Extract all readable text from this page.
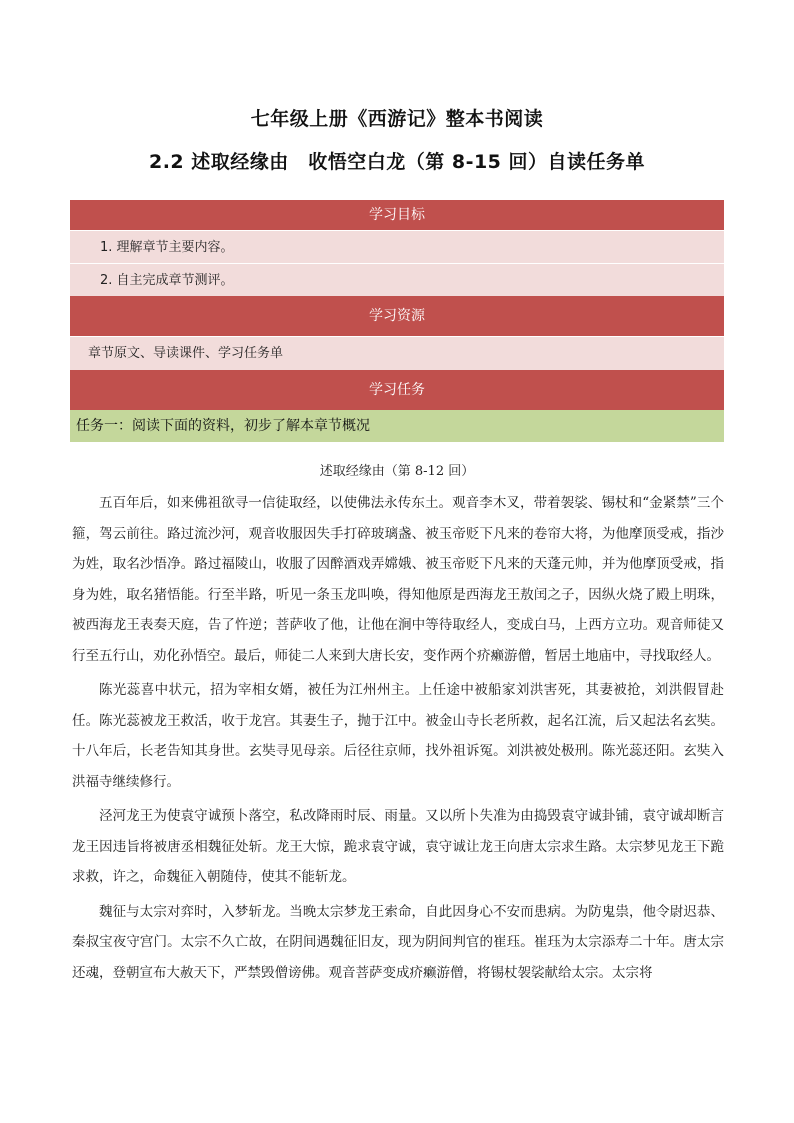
七年级上册《西游记》整本书阅读
2.2 述取经缘由　收悟空白龙（第 8-15 回）自读任务单
学习目标
1. 理解章节主要内容。
2. 自主完成章节测评。
学习资源
章节原文、导读课件、学习任务单
学习任务
任务一：阅读下面的资料，初步了解本章节概况
述取经缘由（第 8-12 回）

五百年后，如来佛祖欲寻一信徒取经，以使佛法永传东土。观音李木叉，带着袈裟、锡杖和“金紧禁”三个箍，驾云前往。路过流沙河，观音收服因失手打碎玻璃盏、被玉帝贬下凡来的卷帘大将，为他摩顶受戒，指沙为姓，取名沙悟净。路过福陵山，收服了因醉酒戏弄嫦娥、被玉帝贬下凡来的天蓬元帅，并为他摩顶受戒，指身为姓，取名猪悟能。行至半路，听见一条玉龙叫唤，得知他原是西海龙王敖闰之子，因纵火烧了殿上明珠，被西海龙王表奏天庭，告了忤逆；菩萨收了他，让他在涧中等待取经人，变成白马，上西方立功。观音师徒又行至五行山，劝化孙悟空。最后，师徒二人来到大唐长安，变作两个疥癞游僧，暂居土地庙中，寻找取经人。

陈光蕊喜中状元，招为宰相女婿，被任为江州州主。上任途中被船家刘洪害死，其妻被抢，刘洪假冒赴任。陈光蕊被龙王救活，收于龙宫。其妻生子，抛于江中。被金山寺长老所救，起名江流，后又起法名玄奘。十八年后，长老告知其身世。玄奘寻见母亲。后径往京师，找外祖诉冤。刘洪被处极刑。陈光蕊还阳。玄奘入洪福寺继续修行。

泾河龙王为使袁守诚预卜落空，私改降雨时辰、雨量。又以所卜失准为由捣毁袁守诚卦铺，袁守诚却断言龙王因违旨将被唐丞相魏征处斩。龙王大惊，跪求袁守诚，袁守诚让龙王向唐太宗求生路。太宗梦见龙王下跪求救，许之，命魏征入朝随侍，使其不能斩龙。

魏征与太宗对弈时，入梦斩龙。当晚太宗梦龙王索命，自此因身心不安而患病。为防鬼祟，他令尉迟恭、秦叔宝夜守宫门。太宗不久亡故，在阴间遇魏征旧友，现为阴间判官的崔珏。崔珏为太宗添寿二十年。唐太宗还魂，登朝宣布大赦天下，严禁毁僧谤佛。观音菩萨变成疥癞游僧，将锡杖袈裟献给太宗。太宗将
